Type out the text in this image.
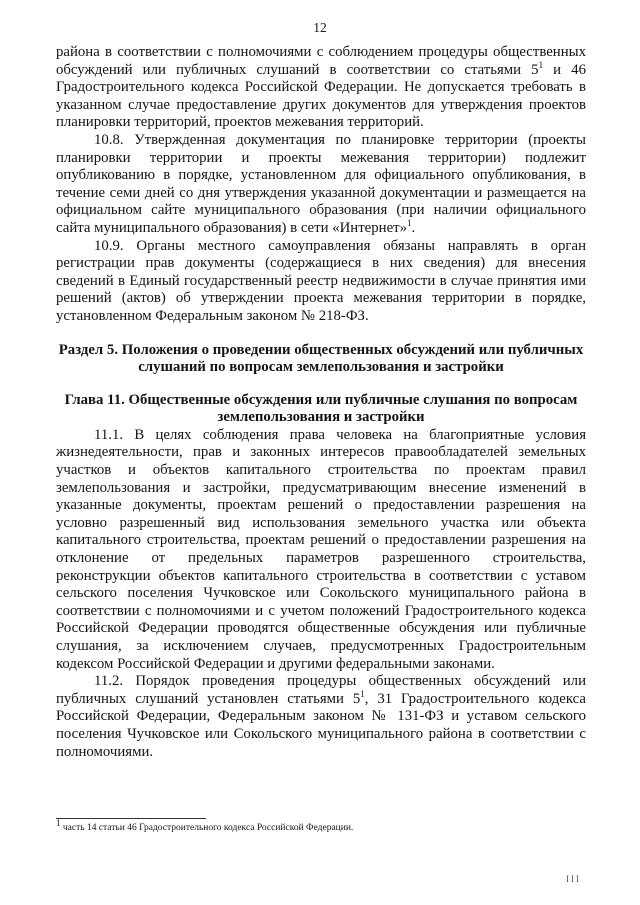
12

района в соответствии с полномочиями с соблюдением процедуры общественных обсуждений или публичных слушаний в соответствии со статьями $5^1$ и 46 Градостроительного кодекса Российской Федерации. Не допускается требовать в указанном случае предоставление других документов для утверждения проектов планировки территорий, проектов межевания территорий.

10.8. Утвержденная документация по планировке территории (проекты планировки территории и проекты межевания территории) подлежит опубликованию в порядке, установленном для официального опубликования, в течение семи дней со дня утверждения указанной документации и размещается на официальном сайте муниципального образования (при наличии официального сайта муниципального образования) в сети «Интернет»$^1$.

10.9. Органы местного самоуправления обязаны направлять в орган регистрации прав документы (содержащиеся в них сведения) для внесения сведений в Единый государственный реестр недвижимости в случае принятия ими решений (актов) об утверждении проекта межевания территории в порядке, установленном Федеральным законом № 218-ФЗ.

Раздел 5. Положения о проведении общественных обсуждений или публичных слушаний по вопросам землепользования и застройки

Глава 11. Общественные обсуждения или публичные слушания по вопросам землепользования и застройки

11.1. В целях соблюдения права человека на благоприятные условия жизнедеятельности, прав и законных интересов правообладателей земельных участков и объектов капитального строительства по проектам правил землепользования и застройки, предусматривающим внесение изменений в указанные документы, проектам решений о предоставлении разрешения на условно разрешенный вид использования земельного участка или объекта капитального строительства, проектам решений о предоставлении разрешения на отклонение от предельных параметров разрешенного строительства, реконструкции объектов капитального строительства в соответствии с уставом сельского поселения Чучковское или Сокольского муниципального района в соответствии с полномочиями и с учетом положений Градостроительного кодекса Российской Федерации проводятся общественные обсуждения или публичные слушания, за исключением случаев, предусмотренных Градостроительным кодексом Российской Федерации и другими федеральными законами.

11.2. Порядок проведения процедуры общественных обсуждений или публичных слушаний установлен статьями $5^1$, 31 Градостроительного кодекса Российской Федерации, Федеральным законом № 131-ФЗ и уставом сельского поселения Чучковское или Сокольского муниципального района в соответствии с полномочиями.

1 часть 14 статьи 46 Градостроительного кодекса Российской Федерации.
III
